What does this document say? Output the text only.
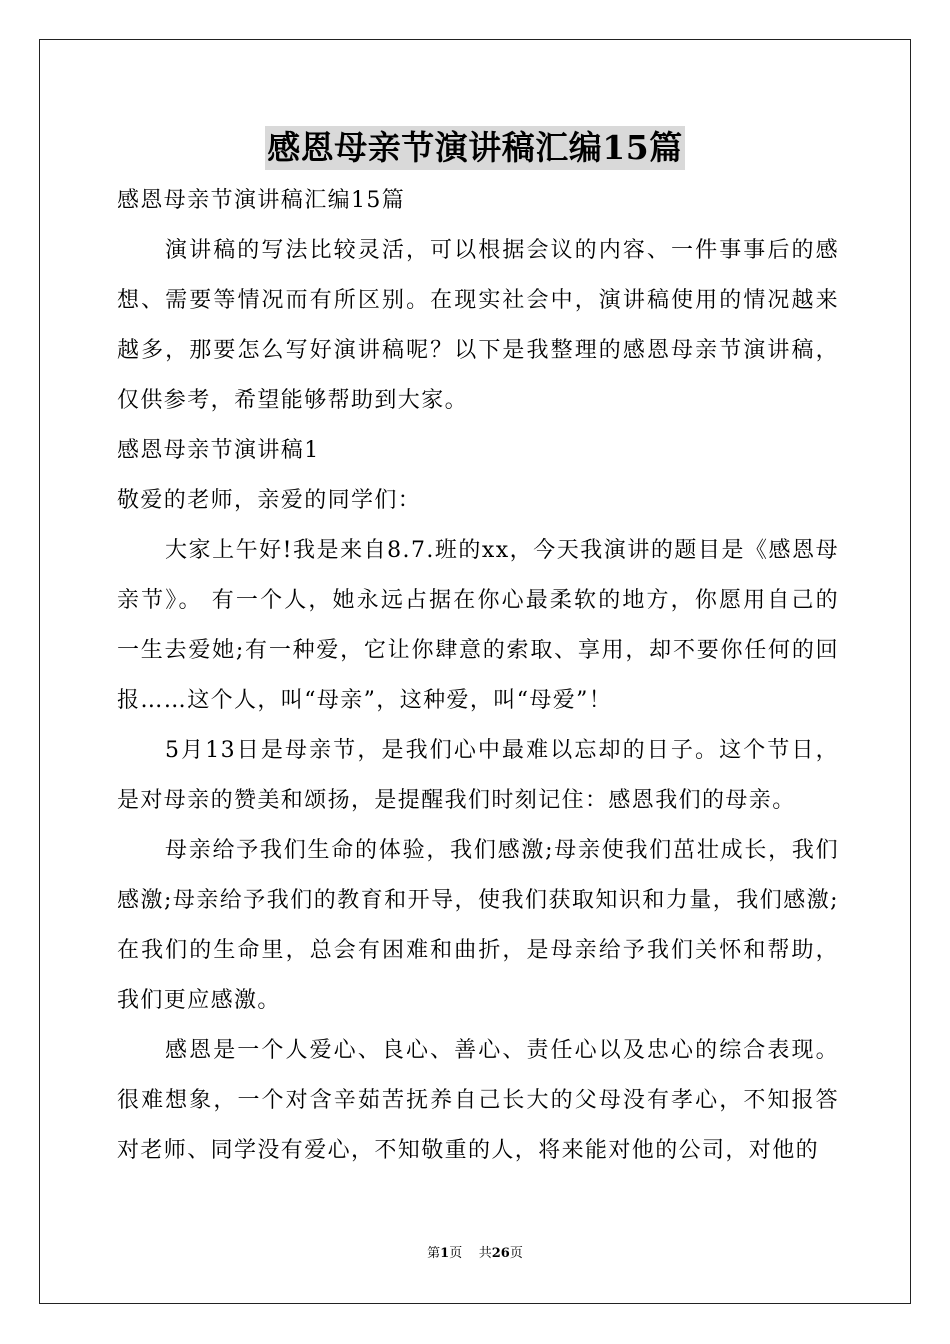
感恩母亲节演讲稿汇编15篇

感恩母亲节演讲稿汇编15篇

演讲稿的写法比较灵活，可以根据会议的内容、一件事事后的感想、需要等情况而有所区别。在现实社会中，演讲稿使用的情况越来越多，那要怎么写好演讲稿呢？以下是我整理的感恩母亲节演讲稿，仅供参考，希望能够帮助到大家。

感恩母亲节演讲稿1

敬爱的老师，亲爱的同学们：

大家上午好!我是来自8.7.班的xx，今天我演讲的题目是《感恩母亲节》。 有一个人，她永远占据在你心最柔软的地方，你愿用自己的一生去爱她;有一种爱，它让你肆意的索取、享用，却不要你任何的回报……这个人，叫“母亲”，这种爱，叫“母爱”！

5月13日是母亲节，是我们心中最难以忘却的日子。这个节日，是对母亲的赞美和颂扬，是提醒我们时刻记住：感恩我们的母亲。

母亲给予我们生命的体验，我们感激;母亲使我们茁壮成长，我们感激;母亲给予我们的教育和开导，使我们获取知识和力量，我们感激;在我们的生命里，总会有困难和曲折，是母亲给予我们关怀和帮助，我们更应感激。

感恩是一个人爱心、良心、善心、责任心以及忠心的综合表现。很难想象，一个对含辛茹苦抚养自己长大的父母没有孝心，不知报答对老师、同学没有爱心，不知敬重的人，将来能对他的公司，对他的

第1页 共26页
